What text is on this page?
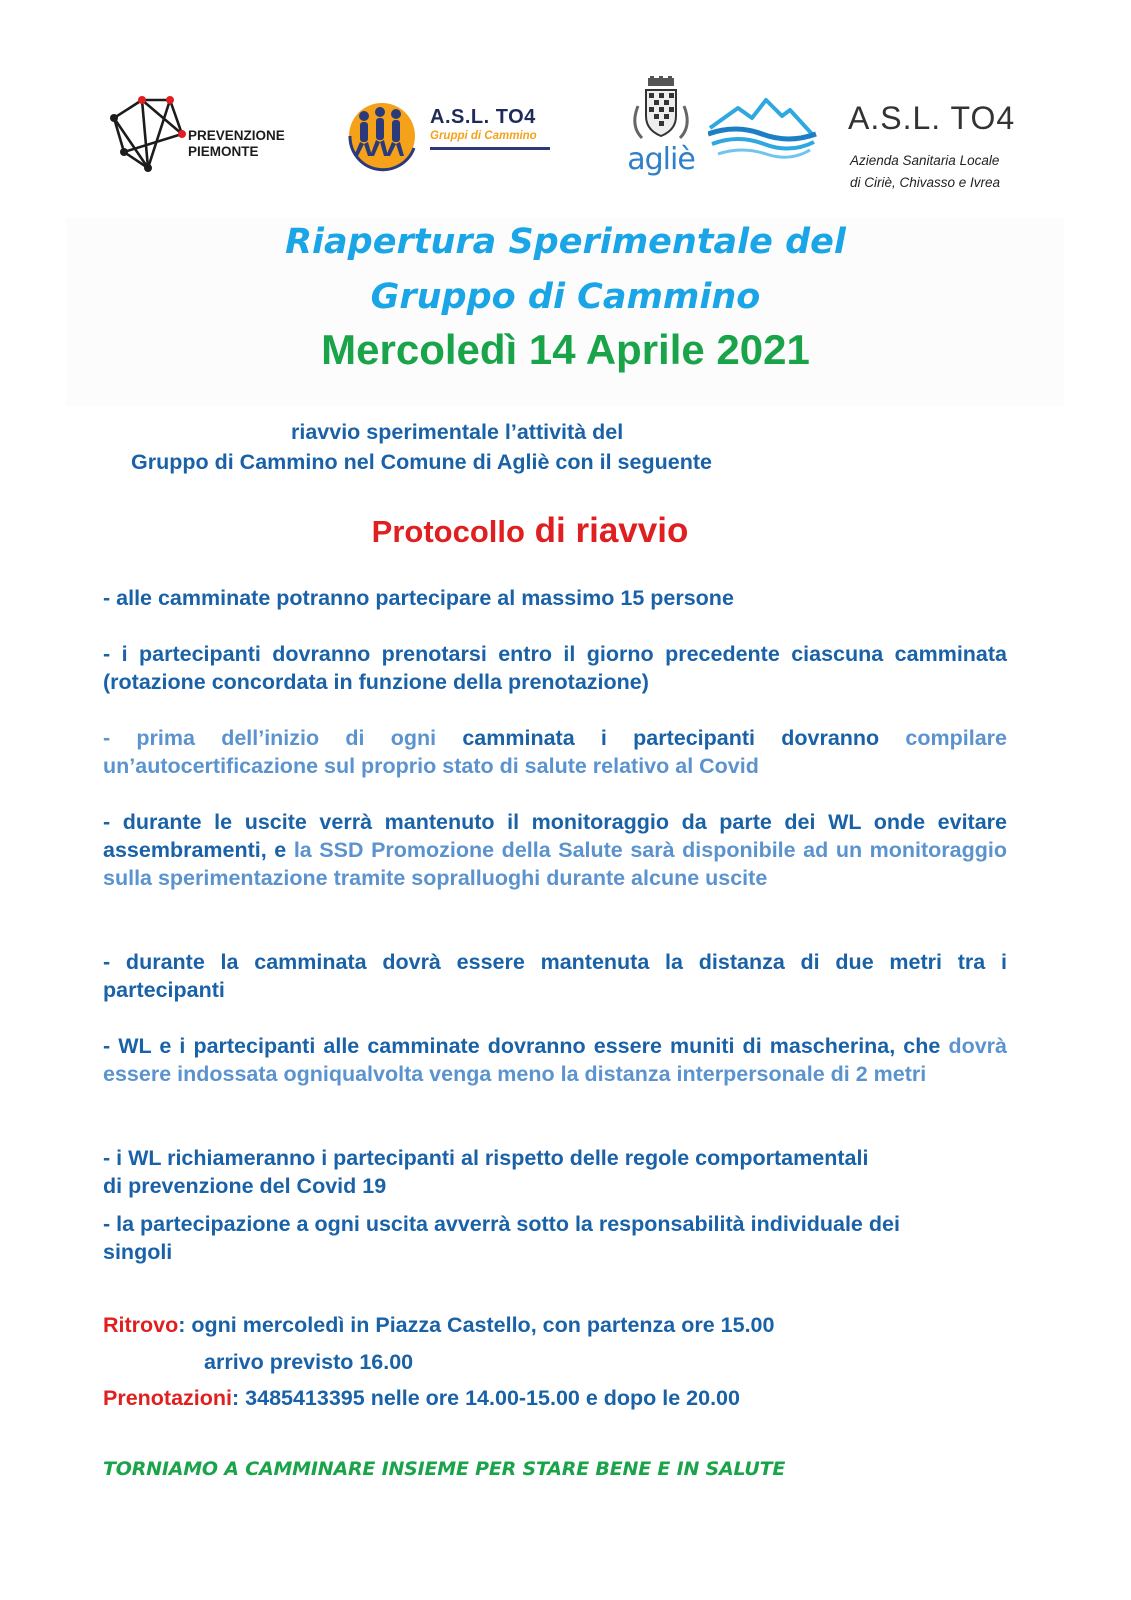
PREVENZIONE
PIEMONTE
A.S.L. TO4
Gruppi di Cammino
agliè
A.S.L. TO4
Azienda Sanitaria Locale
di Ciriè, Chivasso e Ivrea
Riapertura Sperimentale del
Gruppo di Cammino
Mercoledì 14 Aprile 2021
riavvio sperimentale l’attività del
Gruppo di Cammino nel Comune di Agliè con il seguente
Protocollo di riavvio
- alle camminate potranno partecipare al massimo 15 persone
- i partecipanti dovranno prenotarsi entro il giorno precedente ciascuna camminata (rotazione concordata in funzione della prenotazione)
- prima dell’inizio di ogni camminata i partecipanti dovranno compilare un’autocertificazione sul proprio stato di salute relativo al Covid
- durante le uscite verrà mantenuto il monitoraggio da parte dei WL onde evitare assembramenti, e la SSD Promozione della Salute sarà disponibile ad un monitoraggio sulla sperimentazione tramite sopralluoghi durante alcune uscite
- durante la camminata dovrà essere mantenuta la distanza di due metri tra i partecipanti
- WL e i partecipanti alle camminate dovranno essere muniti di mascherina, che dovrà essere indossata ogniqualvolta venga meno la distanza interpersonale di 2 metri
- i WL richiameranno i partecipanti al rispetto delle regole comportamentali
di prevenzione del Covid 19
- la partecipazione a ogni uscita avverrà sotto la responsabilità individuale dei
singoli
Ritrovo: ogni mercoledì in Piazza Castello, con partenza ore 15.00
arrivo previsto 16.00
Prenotazioni: 3485413395 nelle ore 14.00-15.00 e dopo le 20.00
TORNIAMO A CAMMINARE INSIEME PER STARE BENE E IN SALUTE
